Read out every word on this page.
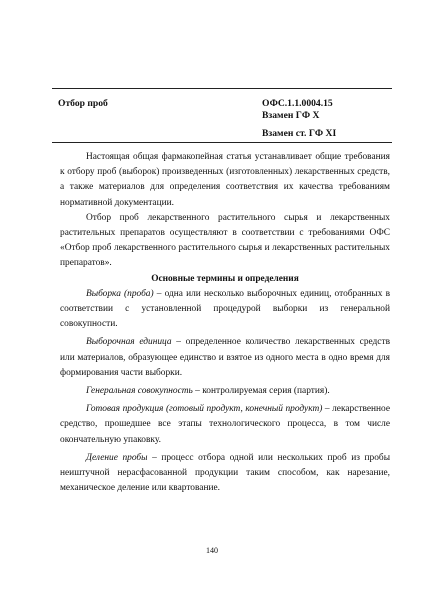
Отбор проб	ОФС.1.1.0004.15
Взамен ГФ X
Взамен ст. ГФ XI

Настоящая общая фармакопейная статья устанавливает общие требования к отбору проб (выборок) произведенных (изготовленных) лекарственных средств, а также материалов для определения соответствия их качества требованиям нормативной документации.

Отбор проб лекарственного растительного сырья и лекарственных растительных препаратов осуществляют в соответствии с требованиями ОФС «Отбор проб лекарственного растительного сырья и лекарственных растительных препаратов».

Основные термины и определения

Выборка (проба) – одна или несколько выборочных единиц, отобранных в соответствии с установленной процедурой выборки из генеральной совокупности.

Выборочная единица – определенное количество лекарственных средств или материалов, образующее единство и взятое из одного места в одно время для формирования части выборки.

Генеральная совокупность – контролируемая серия (партия).

Готовая продукция (готовый продукт, конечный продукт) – лекарственное средство, прошедшее все этапы технологического процесса, в том числе окончательную упаковку.

Деление пробы – процесс отбора одной или нескольких проб из пробы неиштучной нерасфасованной продукции таким способом, как нарезание, механическое деление или квартование.

140
